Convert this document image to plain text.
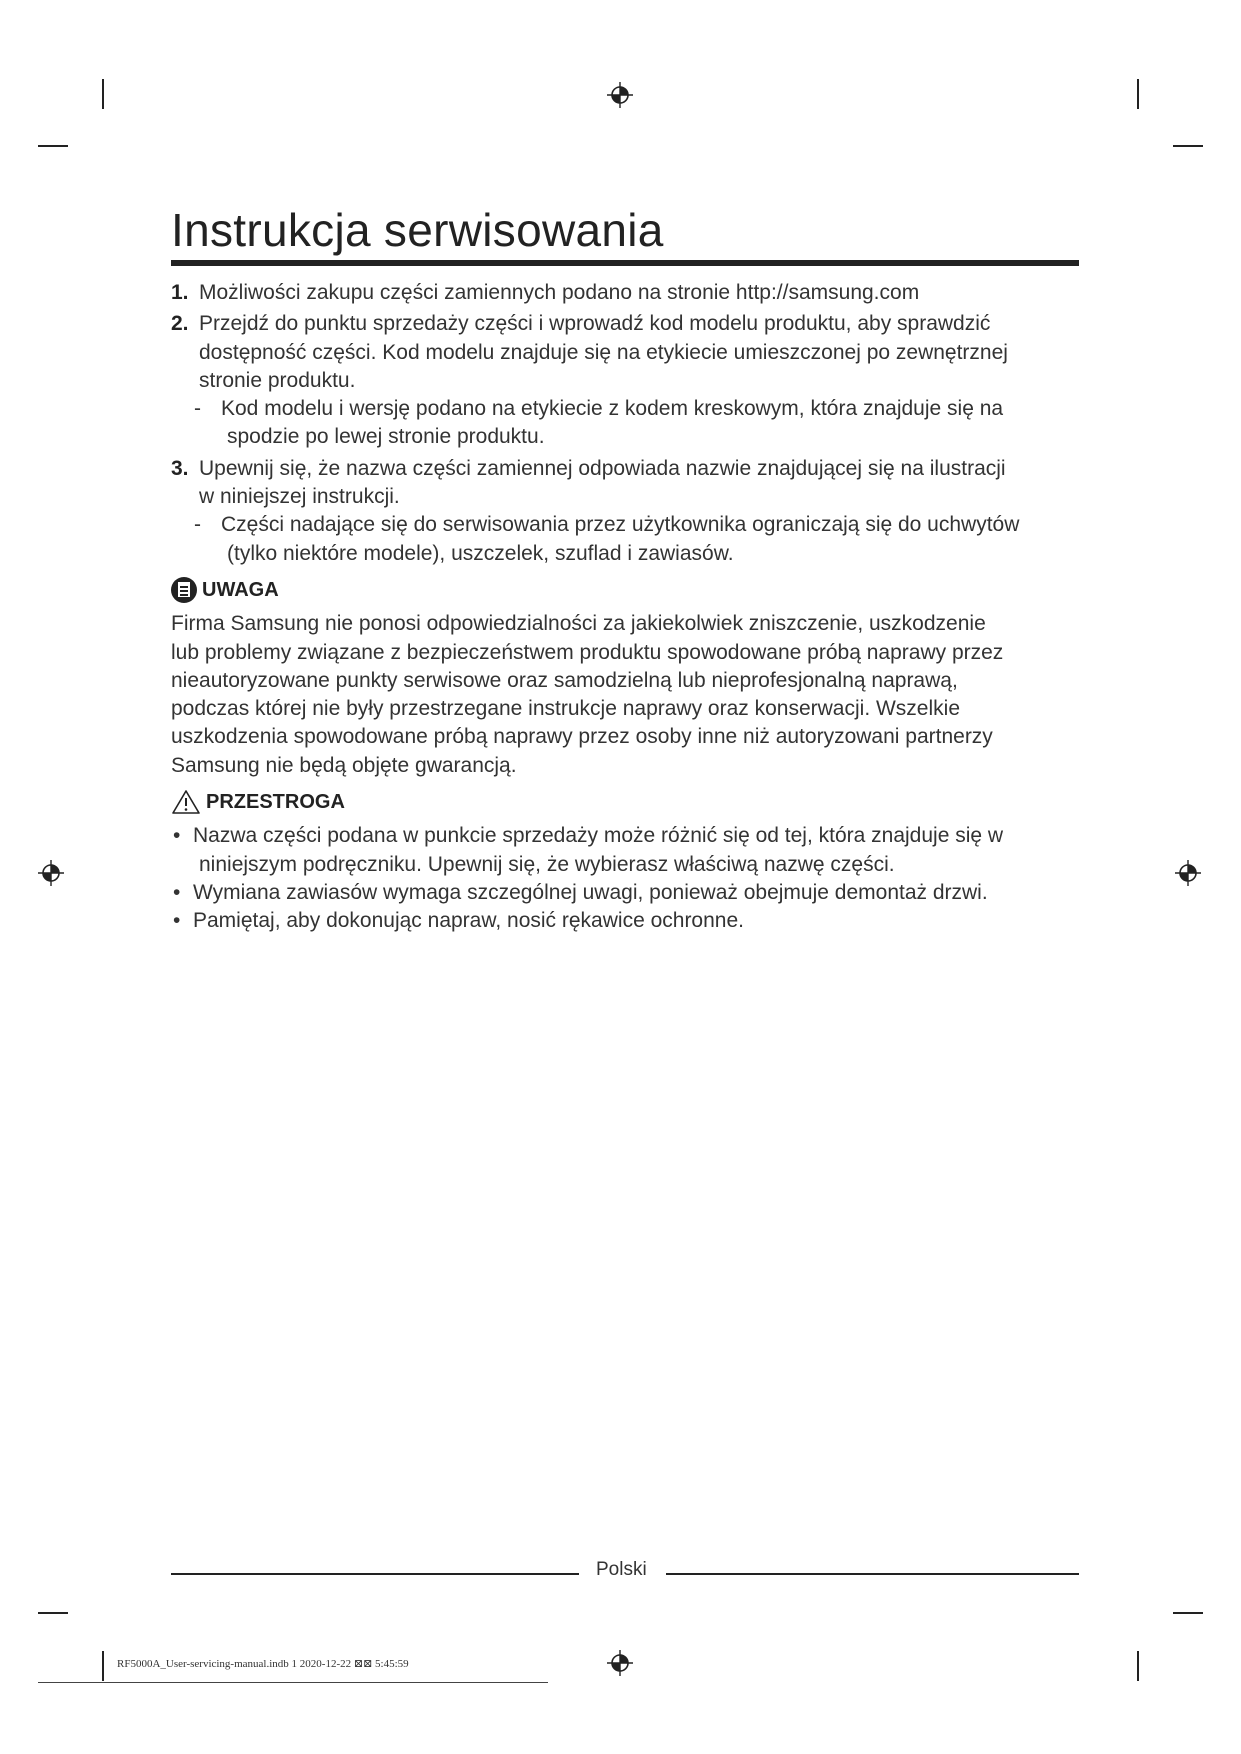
Instrukcja serwisowania
1. Możliwości zakupu części zamiennych podano na stronie http://samsung.com
2. Przejdź do punktu sprzedaży części i wprowadź kod modelu produktu, aby sprawdzić
dostępność części. Kod modelu znajduje się na etykiecie umieszczonej po zewnętrznej
stronie produktu.
- Kod modelu i wersję podano na etykiecie z kodem kreskowym, która znajduje się na
spodzie po lewej stronie produktu.
3. Upewnij się, że nazwa części zamiennej odpowiada nazwie znajdującej się na ilustracji
w niniejszej instrukcji.
- Części nadające się do serwisowania przez użytkownika ograniczają się do uchwytów
(tylko niektóre modele), uszczelek, szuflad i zawiasów.
UWAGA
Firma Samsung nie ponosi odpowiedzialności za jakiekolwiek zniszczenie, uszkodzenie
lub problemy związane z bezpieczeństwem produktu spowodowane próbą naprawy przez
nieautoryzowane punkty serwisowe oraz samodzielną lub nieprofesjonalną naprawą,
podczas której nie były przestrzegane instrukcje naprawy oraz konserwacji. Wszelkie
uszkodzenia spowodowane próbą naprawy przez osoby inne niż autoryzowani partnerzy
Samsung nie będą objęte gwarancją.
PRZESTROGA
• Nazwa części podana w punkcie sprzedaży może różnić się od tej, która znajduje się w
niniejszym podręczniku. Upewnij się, że wybierasz właściwą nazwę części.
• Wymiana zawiasów wymaga szczególnej uwagi, ponieważ obejmuje demontaż drzwi.
• Pamiętaj, aby dokonując napraw, nosić rękawice ochronne.
Polski
RF5000A_User-servicing-manual.indb 1 2020-12-22 ⊠⊠ 5:45:59
